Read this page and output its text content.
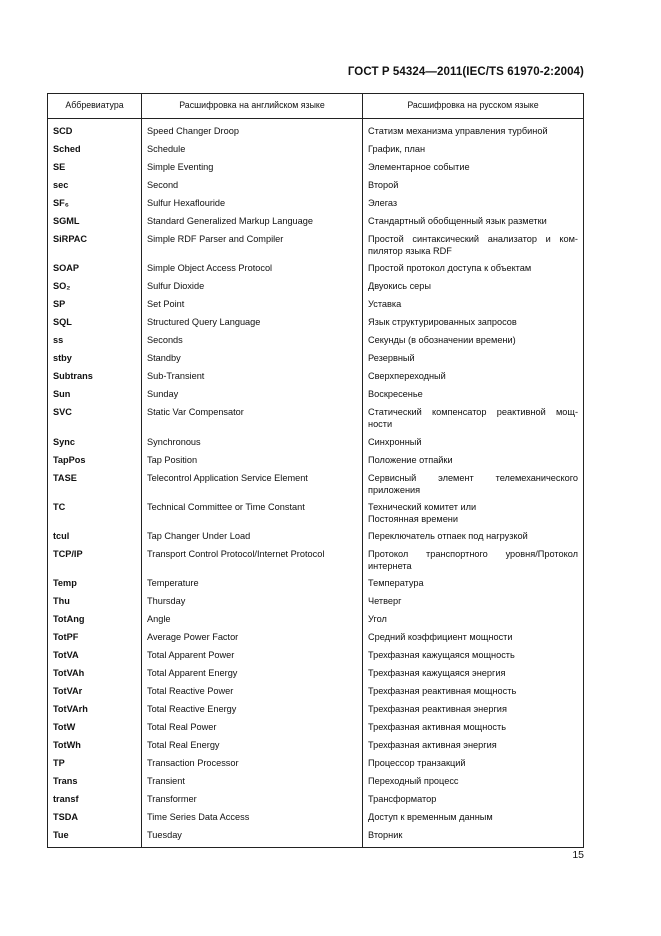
ГОСТ Р 54324—2011(IEC/TS 61970-2:2004)
Аббревиатура	Расшифровка на английском языке	Расшифровка на русском языке
SCD	Speed Changer Droop	Статизм механизма управления турбиной
Sched	Schedule	График, план
SE	Simple Eventing	Элементарное событие
sec	Second	Второй
SF₆	Sulfur Hexaflouride	Элегаз
SGML	Standard Generalized Markup Language	Стандартный обобщенный язык разметки
SiRPAC	Simple RDF Parser and Compiler	Простой синтаксический анализатор и ком-пилятор языка RDF
SOAP	Simple Object Access Protocol	Простой протокол доступа к объектам
SO₂	Sulfur Dioxide	Двуокись серы
SP	Set Point	Уставка
SQL	Structured Query Language	Язык структурированных запросов
ss	Seconds	Секунды (в обозначении времени)
stby	Standby	Резервный
Subtrans	Sub-Transient	Сверхпереходный
Sun	Sunday	Воскресенье
SVC	Static Var Compensator	Статический компенсатор реактивной мощ-ности
Sync	Synchronous	Синхронный
TapPos	Tap Position	Положение отпайки
TASE	Telecontrol Application Service Element	Сервисный элемент телемеханического приложения
TC	Technical Committee or Time Constant	Технический комитет или
Постоянная времени
tcul	Tap Changer Under Load	Переключатель отпаек под нагрузкой
TCP/IP	Transport Control Protocol/Internet Protocol	Протокол транспортного уровня/Протокол интернета
Temp	Temperature	Температура
Thu	Thursday	Четверг
TotAng	Angle	Угол
TotPF	Average Power Factor	Средний коэффициент мощности
TotVA	Total Apparent Power	Трехфазная кажущаяся мощность
TotVAh	Total Apparent Energy	Трехфазная кажущаяся энергия
TotVAr	Total Reactive Power	Трехфазная реактивная мощность
TotVArh	Total Reactive Energy	Трехфазная реактивная энергия
TotW	Total Real Power	Трехфазная активная мощность
TotWh	Total Real Energy	Трехфазная активная энергия
TP	Transaction Processor	Процессор транзакций
Trans	Transient	Переходный процесс
transf	Transformer	Трансформатор
TSDA	Time Series Data Access	Доступ к временным данным
Tue	Tuesday	Вторник
15
